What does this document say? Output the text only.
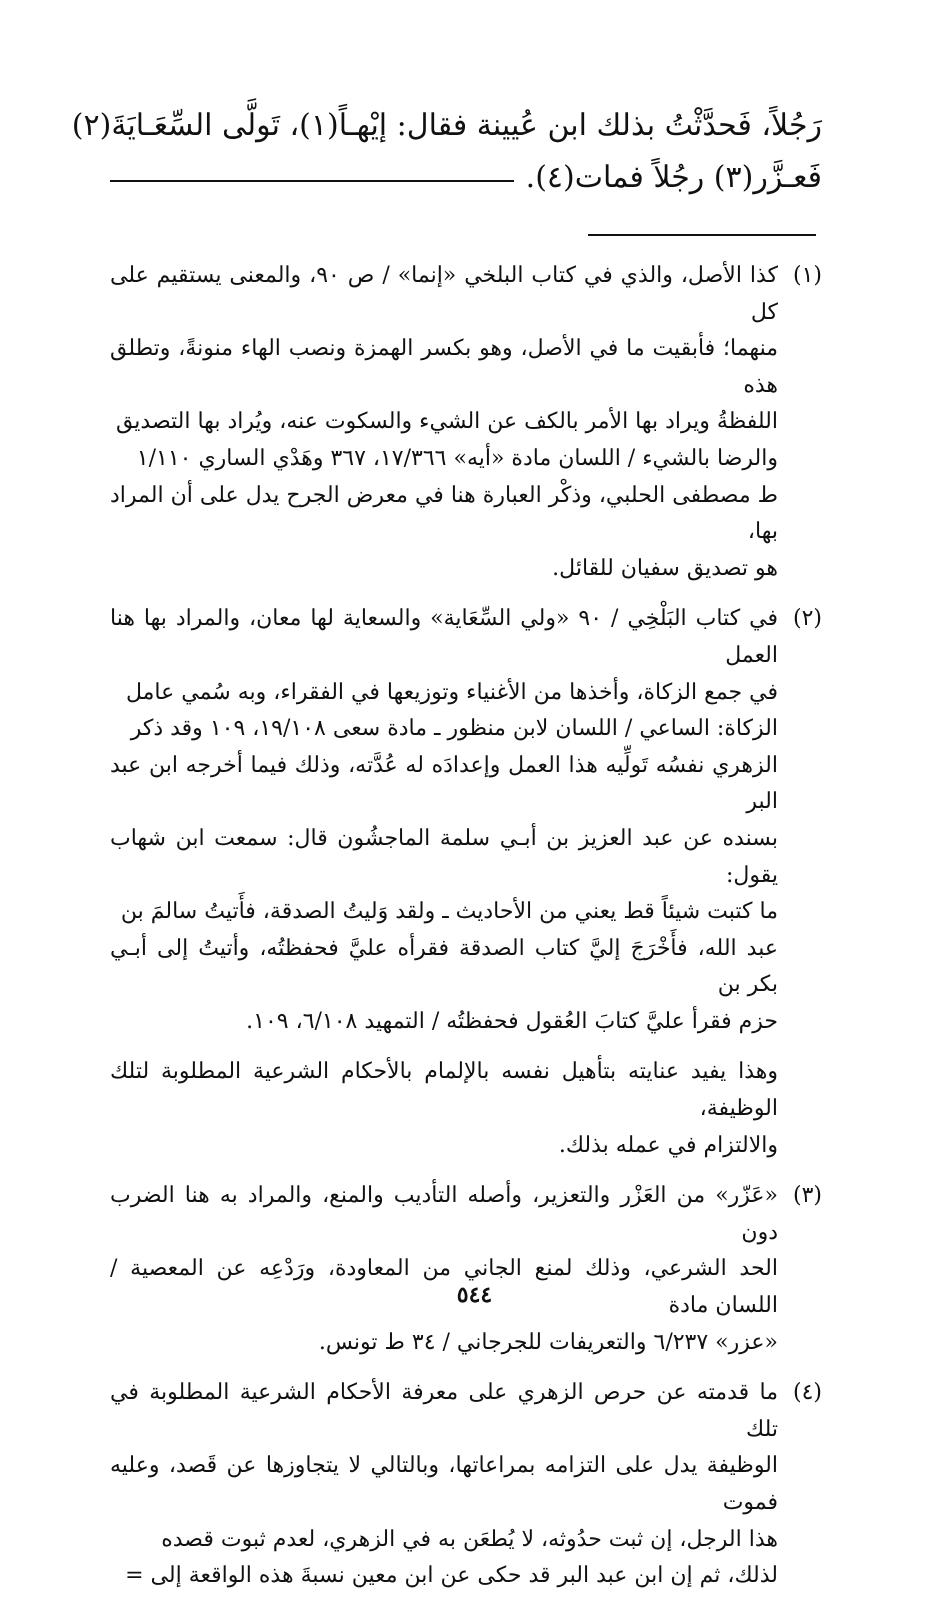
رَجُلاً، فَحدَّثْتُ بذلك ابن عُيينة فقال: إيْهـاً(١)، تَولَّى السِّعَـايَةَ(٢)
فَعـزَّر(٣) رجُلاً فمات(٤).
(١)
كذا الأصل، والذي في كتاب البلخي «إنما» / ص ٩٠، والمعنى يستقيم على كل
منهما؛ فأبقيت ما في الأصل، وهو بكسر الهمزة ونصب الهاء منونةً، وتطلق هذه
اللفظةُ ويراد بها الأمر بالكف عن الشيء والسكوت عنه، ويُراد بها التصديق
والرضا بالشيء / اللسان مادة «أيه» ١٧/٣٦٦، ٣٦٧ وهَدْي الساري ١/١١٠
ط مصطفى الحلبي، وذكْر العبارة هنا في معرض الجرح يدل على أن المراد بها،
هو تصديق سفيان للقائل.
(٢)
في كتاب البَلْخِي / ٩٠ «ولي السِّعَاية» والسعاية لها معان، والمراد بها هنا العمل
في جمع الزكاة، وأخذها من الأغنياء وتوزيعها في الفقراء، وبه سُمي عامل
الزكاة: الساعي / اللسان لابن منظور ـ مادة سعى ١٩/١٠٨، ١٠٩ وقد ذكر
الزهري نفسُه تَولِّيه هذا العمل وإعدادَه له عُدَّته، وذلك فيما أخرجه ابن عبد البر
بسنده عن عبد العزيز بن أبـي سلمة الماجشُون قال: سمعت ابن شهاب يقول:
ما كتبت شيئاً قط يعني من الأحاديث ـ ولقد وَليتُ الصدقة، فأَتيتُ سالمَ بن
عبد الله، فأَخْرَجَ إليَّ كتاب الصدقة فقرأه عليَّ فحفظتُه، وأتيتُ إلى أبـي بكر بن
حزم فقرأ عليَّ كتابَ العُقول فحفظتُه / التمهيد ٦/١٠٨، ١٠٩.
وهذا يفيد عنايته بتأهيل نفسه بالإلمام بالأحكام الشرعية المطلوبة لتلك الوظيفة،
والالتزام في عمله بذلك.
(٣)
«عَزّر» من العَزْر والتعزير، وأصله التأديب والمنع، والمراد به هنا الضرب دون
الحد الشرعي، وذلك لمنع الجاني من المعاودة، ورَدْعِه عن المعصية / اللسان مادة
«عزر» ٦/٢٣٧ والتعريفات للجرجاني / ٣٤ ط تونس.
(٤)
ما قدمته عن حرص الزهري على معرفة الأحكام الشرعية المطلوبة في تلك
الوظيفة يدل على التزامه بمراعاتها، وبالتالي لا يتجاوزها عن قَصد، وعليه فموت
هذا الرجل، إن ثبت حدُوثه، لا يُطعَن به في الزهري، لعدم ثبوت قصده
لذلك، ثم إن ابن عبد البر قد حكى عن ابن معين نسبةَ هذه الواقعة إلى =
٥٤٤
